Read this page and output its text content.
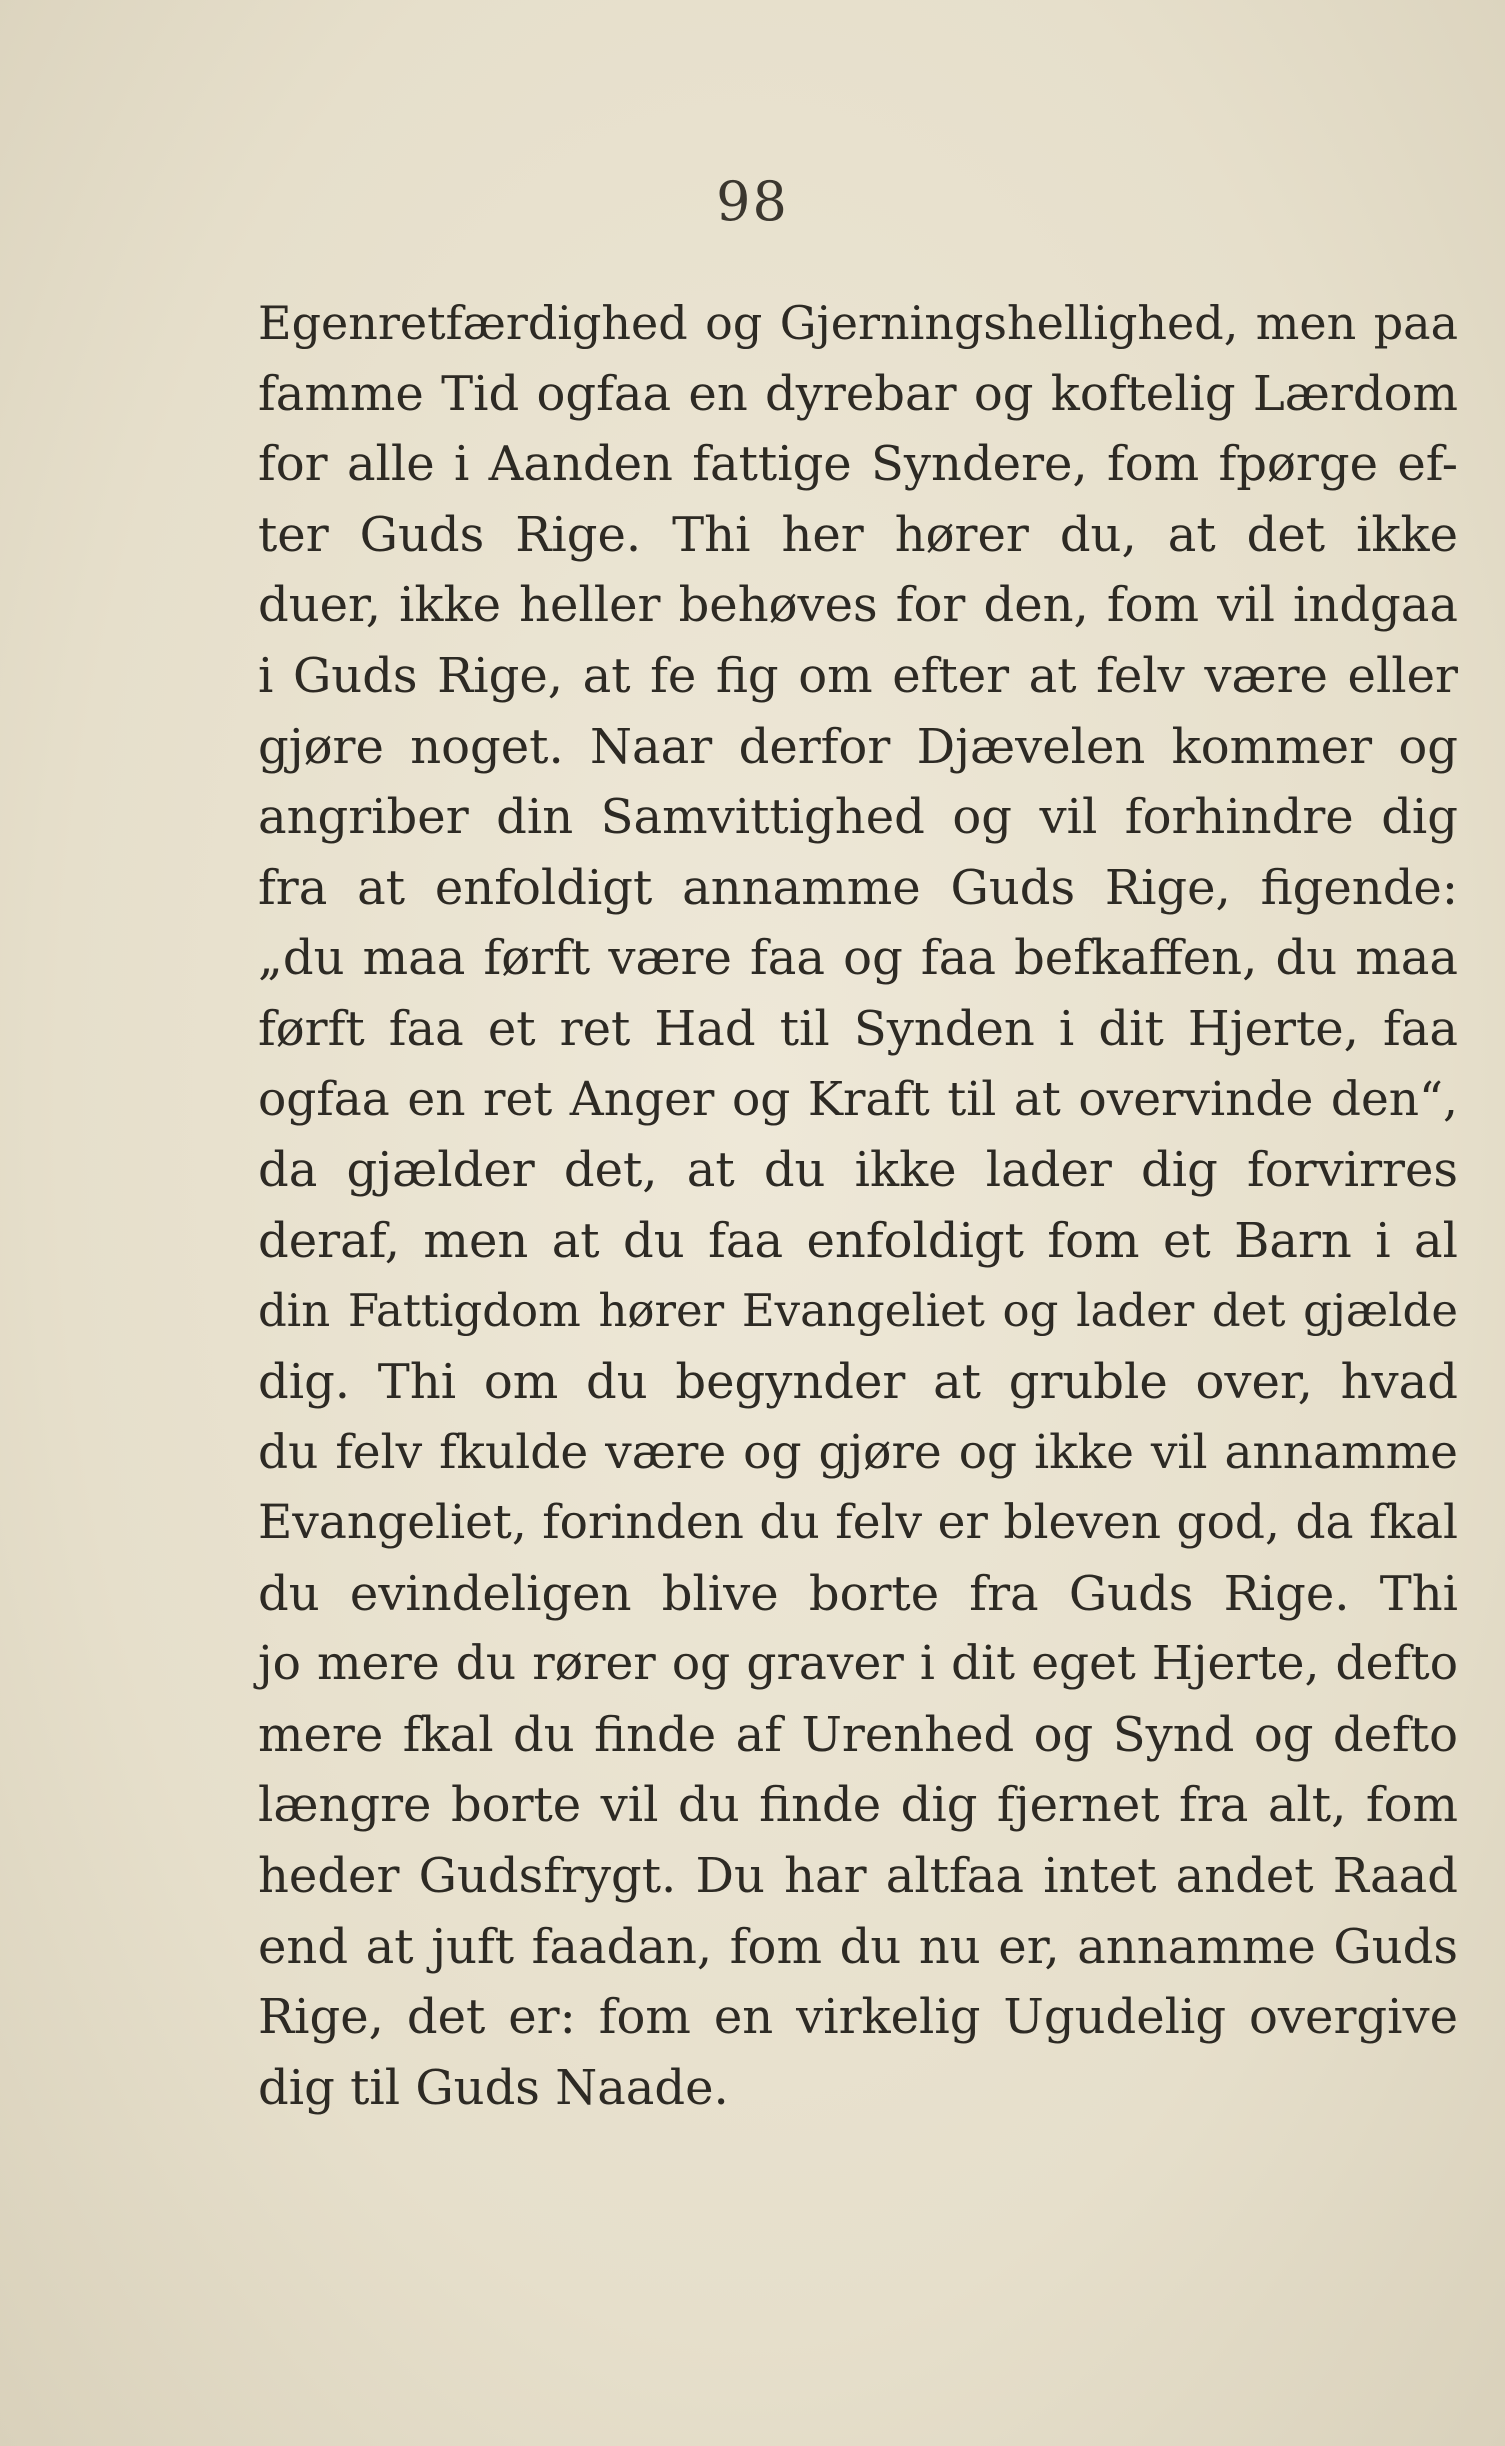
98
Egenretfærdighed og Gjerningshellighed, men paa
famme Tid ogfaa en dyrebar og koftelig Lærdom
for alle i Aanden fattige Syndere, fom fpørge ef-
ter Guds Rige. Thi her hører du, at det ikke
duer, ikke heller behøves for den, fom vil indgaa
i Guds Rige, at fe fig om efter at felv være eller
gjøre noget. Naar derfor Djævelen kommer og
angriber din Samvittighed og vil forhindre dig
fra at enfoldigt annamme Guds Rige, figende:
„du maa førft være faa og faa befkaffen, du maa
førft faa et ret Had til Synden i dit Hjerte, faa
ogfaa en ret Anger og Kraft til at overvinde den“,
da gjælder det, at du ikke lader dig forvirres
deraf, men at du faa enfoldigt fom et Barn i al
din Fattigdom hører Evangeliet og lader det gjælde
dig. Thi om du begynder at gruble over, hvad
du felv fkulde være og gjøre og ikke vil annamme
Evangeliet, forinden du felv er bleven god, da fkal
du evindeligen blive borte fra Guds Rige. Thi
jo mere du rører og graver i dit eget Hjerte, defto
mere fkal du finde af Urenhed og Synd og defto
længre borte vil du finde dig fjernet fra alt, fom
heder Gudsfrygt. Du har altfaa intet andet Raad
end at juft faadan, fom du nu er, annamme Guds
Rige, det er: fom en virkelig Ugudelig overgive
dig til Guds Naade.
